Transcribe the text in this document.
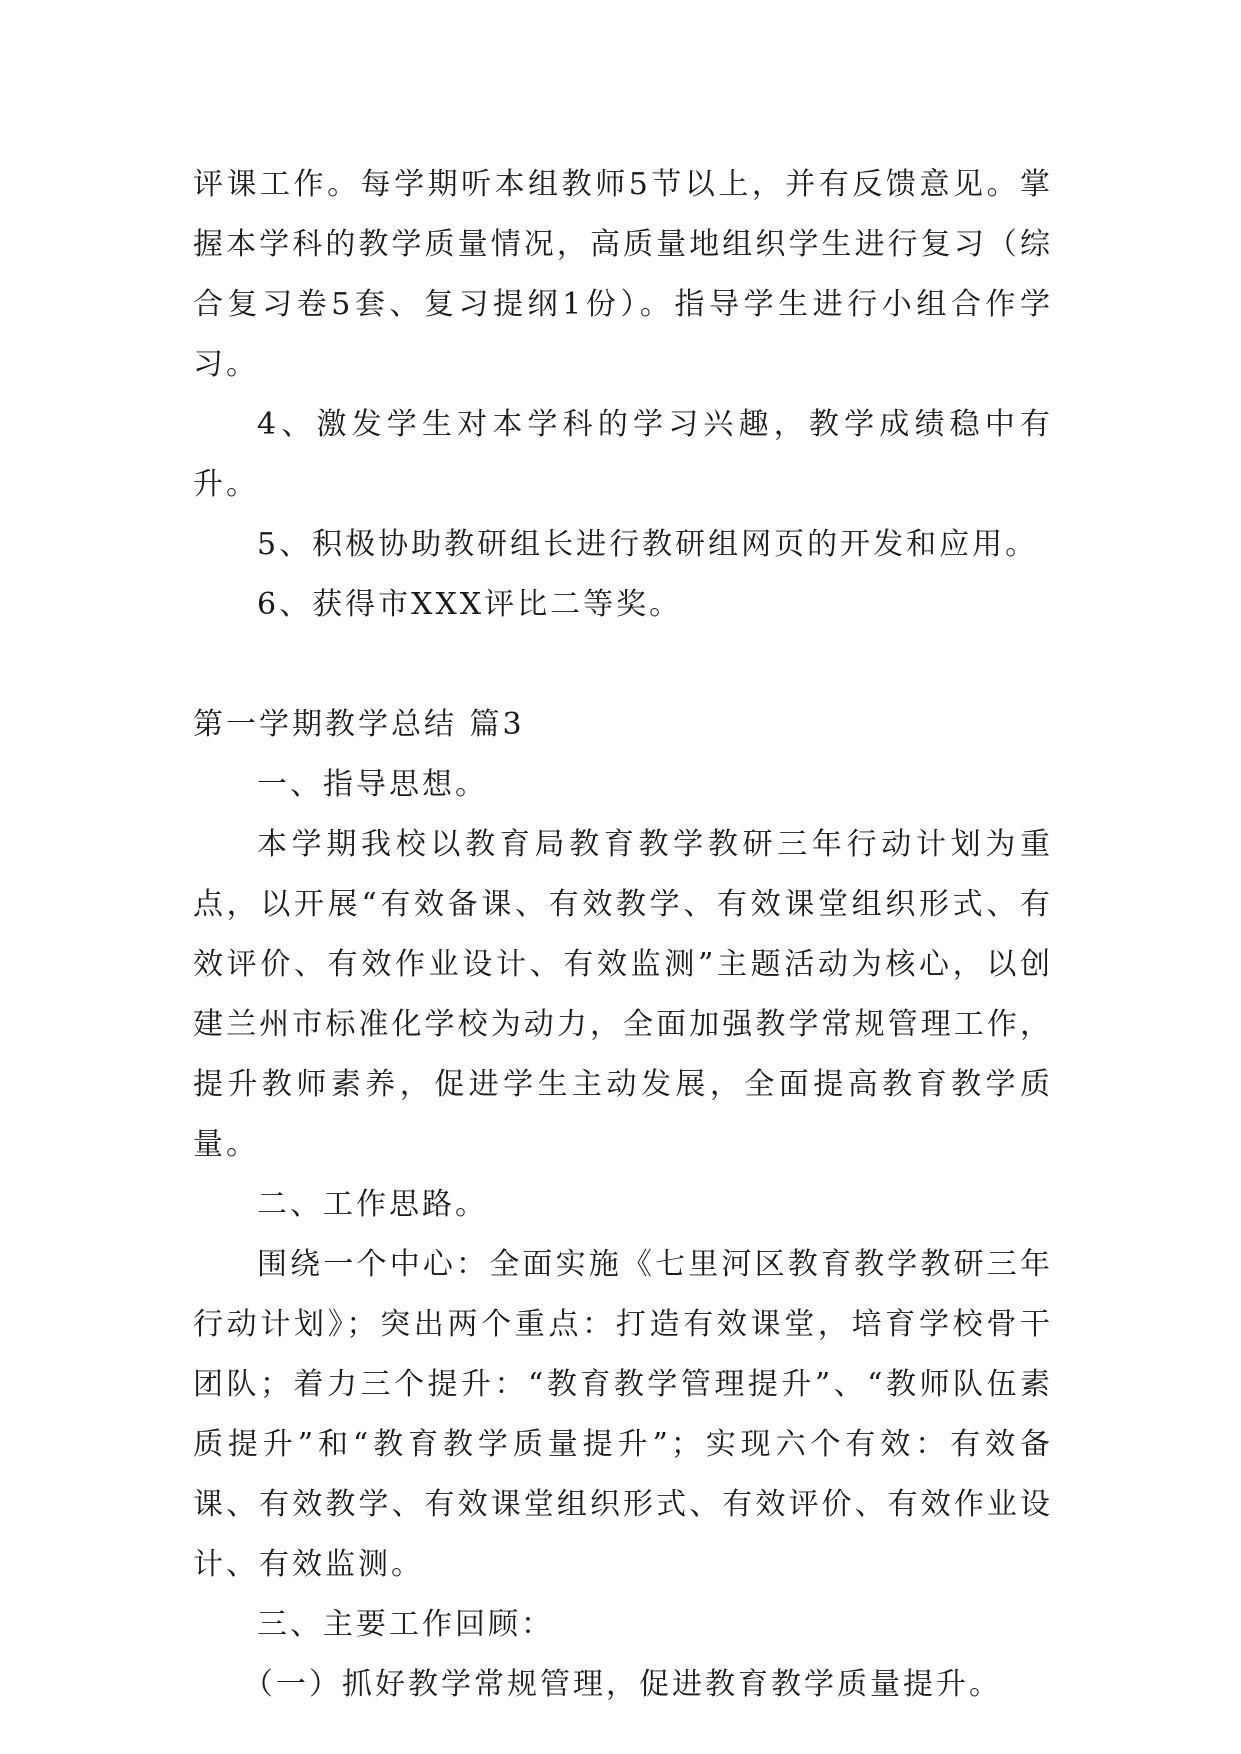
评课工作。每学期听本组教师5节以上，并有反馈意见。掌握本学科的教学质量情况，高质量地组织学生进行复习（综合复习卷5套、复习提纲1份）。指导学生进行小组合作学习。

4、激发学生对本学科的学习兴趣，教学成绩稳中有升。

5、积极协助教研组长进行教研组网页的开发和应用。

6、获得市XXX评比二等奖。

第一学期教学总结 篇3

一、指导思想。

本学期我校以教育局教育教学教研三年行动计划为重点，以开展“有效备课、有效教学、有效课堂组织形式、有效评价、有效作业设计、有效监测”主题活动为核心，以创建兰州市标准化学校为动力，全面加强教学常规管理工作，提升教师素养，促进学生主动发展，全面提高教育教学质量。

二、工作思路。

围绕一个中心：全面实施《七里河区教育教学教研三年行动计划》；突出两个重点：打造有效课堂，培育学校骨干团队；着力三个提升：“教育教学管理提升”、“教师队伍素质提升”和“教育教学质量提升”；实现六个有效：有效备课、有效教学、有效课堂组织形式、有效评价、有效作业设计、有效监测。

三、主要工作回顾：

（一）抓好教学常规管理，促进教育教学质量提升。
